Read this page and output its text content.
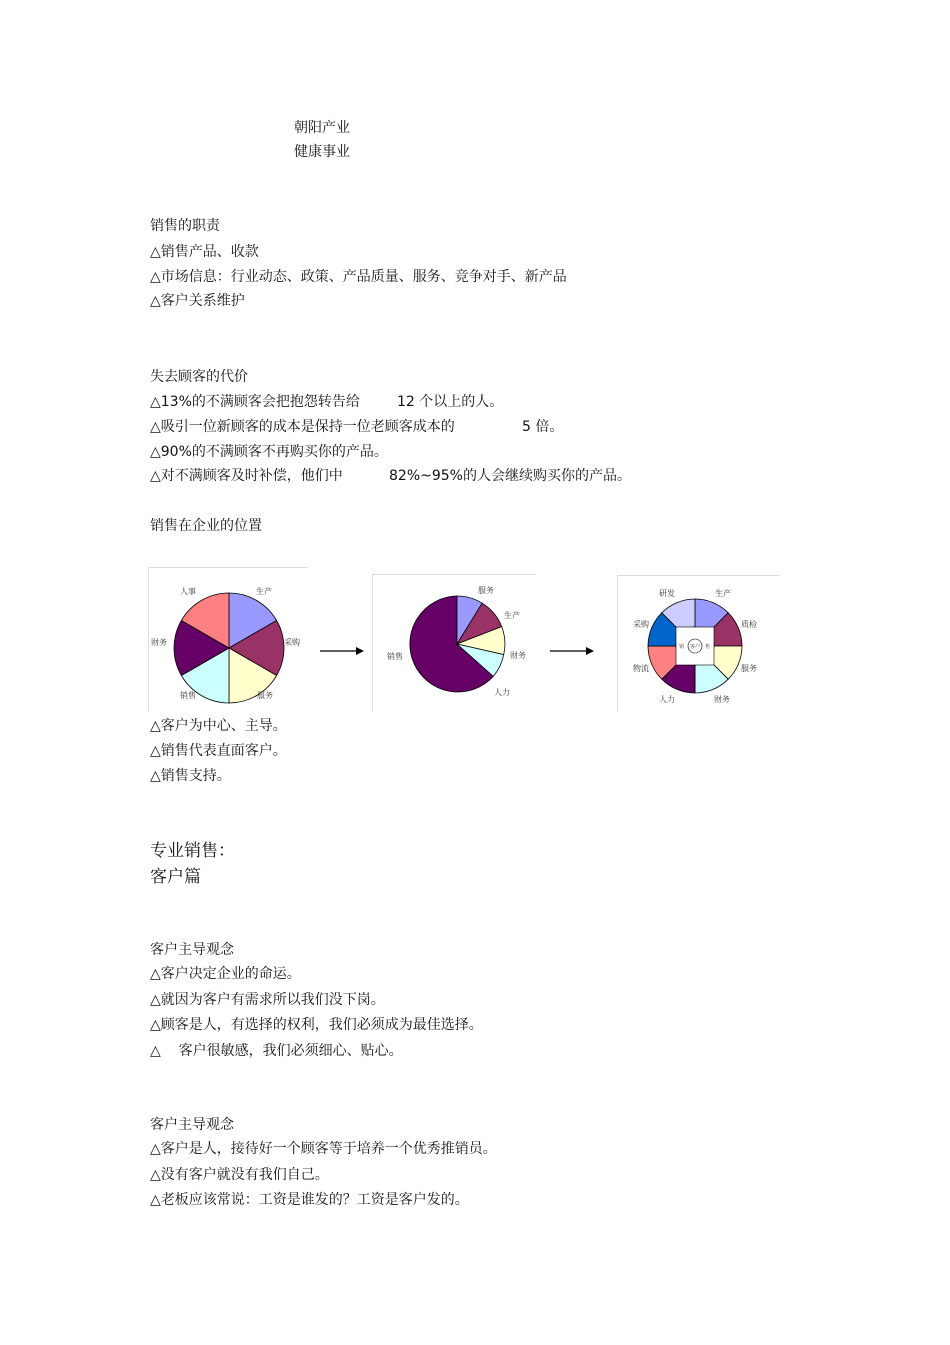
朝阳产业
健康事业
销售的职责
△销售产品、收款
△市场信息：行业动态、政策、产品质量、服务、竞争对手、新产品
△客户关系维护
失去顾客的代价
△13%的不满顾客会把抱怨转告给	12 个以上的人。
△吸引一位新顾客的成本是保持一位老顾客成本的	5 倍。
△90%的不满顾客不再购买你的产品。
△对不满顾客及时补偿，他们中	82%~95%的人会继续购买你的产品。
销售在企业的位置
人事	生产
采购
服务
销售
财务
服务
生产
财务
人力
销售
销 客户 售
研发	生产
质检
服务
财务
人力
物流
采购
△客户为中心、主导。
△销售代表直面客户。
△销售支持。
专业销售：
客户篇
客户主导观念
△客户决定企业的命运。
△就因为客户有需求所以我们没下岗。
△顾客是人，有选择的权利，我们必须成为最佳选择。
△    客户很敏感，我们必须细心、贴心。
客户主导观念
△客户是人，接待好一个顾客等于培养一个优秀推销员。
△没有客户就没有我们自己。
△老板应该常说：工资是谁发的？工资是客户发的。
